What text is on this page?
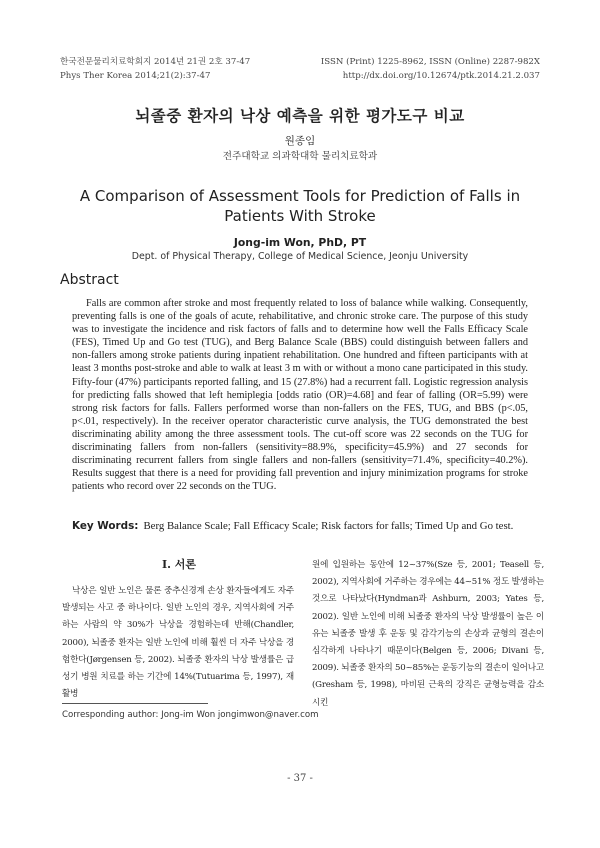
한국전문물리치료학회지 2014년 21권 2호 37-47
Phys Ther Korea 2014;21(2):37-47
ISSN (Print) 1225-8962, ISSN (Online) 2287-982X
http://dx.doi.org/10.12674/ptk.2014.21.2.037
뇌졸중 환자의 낙상 예측을 위한 평가도구 비교
원종임
전주대학교 의과학대학 물리치료학과
A Comparison of Assessment Tools for Prediction of Falls in Patients With Stroke
Jong-im Won, PhD, PT
Dept. of Physical Therapy, College of Medical Science, Jeonju University
Abstract
Falls are common after stroke and most frequently related to loss of balance while walking. Consequently, preventing falls is one of the goals of acute, rehabilitative, and chronic stroke care. The purpose of this study was to investigate the incidence and risk factors of falls and to determine how well the Falls Efficacy Scale (FES), Timed Up and Go test (TUG), and Berg Balance Scale (BBS) could distinguish between fallers and non-fallers among stroke patients during inpatient rehabilitation. One hundred and fifteen participants with at least 3 months post-stroke and able to walk at least 3 m with or without a mono cane participated in this study. Fifty-four (47%) participants reported falling, and 15 (27.8%) had a recurrent fall. Logistic regression analysis for predicting falls showed that left hemiplegia [odds ratio (OR)=4.68] and fear of falling (OR=5.99) were strong risk factors for falls. Fallers performed worse than non-fallers on the FES, TUG, and BBS (p<.05, p<.01, respectively). In the receiver operator characteristic curve analysis, the TUG demonstrated the best discriminating ability among the three assessment tools. The cut-off score was 22 seconds on the TUG for discriminating fallers from non-fallers (sensitivity=88.9%, specificity=45.9%) and 27 seconds for discriminating recurrent fallers from single fallers and non-fallers (sensitivity=71.4%, specificity=40.2%). Results suggest that there is a need for providing fall prevention and injury minimization programs for stroke patients who record over 22 seconds on the TUG.
Key Words: Berg Balance Scale; Fall Efficacy Scale; Risk factors for falls; Timed Up and Go test.
Ⅰ. 서론
낙상은 일반 노인은 물론 중추신경계 손상 환자들에게도 자주 발생되는 사고 중 하나이다. 일반 노인의 경우, 지역사회에 거주하는 사람의 약 30%가 낙상을 경험하는데 반해(Chandler, 2000), 뇌졸중 환자는 일반 노인에 비해 훨씬 더 자주 낙상을 경험한다(Jørgensen 등, 2002). 뇌졸중 환자의 낙상 발생률은 급성기 병원 치료를 하는 기간에 14%(Tutuarima 등, 1997), 재활병
원에 입원하는 동안에 12~37%(Sze 등, 2001; Teasell 등, 2002), 지역사회에 거주하는 경우에는 44~51% 정도 발생하는 것으로 나타났다(Hyndman과 Ashburn, 2003; Yates 등, 2002). 일반 노인에 비해 뇌졸중 환자의 낙상 발생률이 높은 이유는 뇌졸중 발생 후 운동 및 감각기능의 손상과 균형의 결손이 심각하게 나타나기 때문이다(Belgen 등, 2006; Divani 등, 2009). 뇌졸중 환자의 50~85%는 운동기능의 결손이 일어나고(Gresham 등, 1998), 마비된 근육의 강직은 균형능력을 감소시킨
Corresponding author: Jong-im Won jongimwon@naver.com
- 37 -
